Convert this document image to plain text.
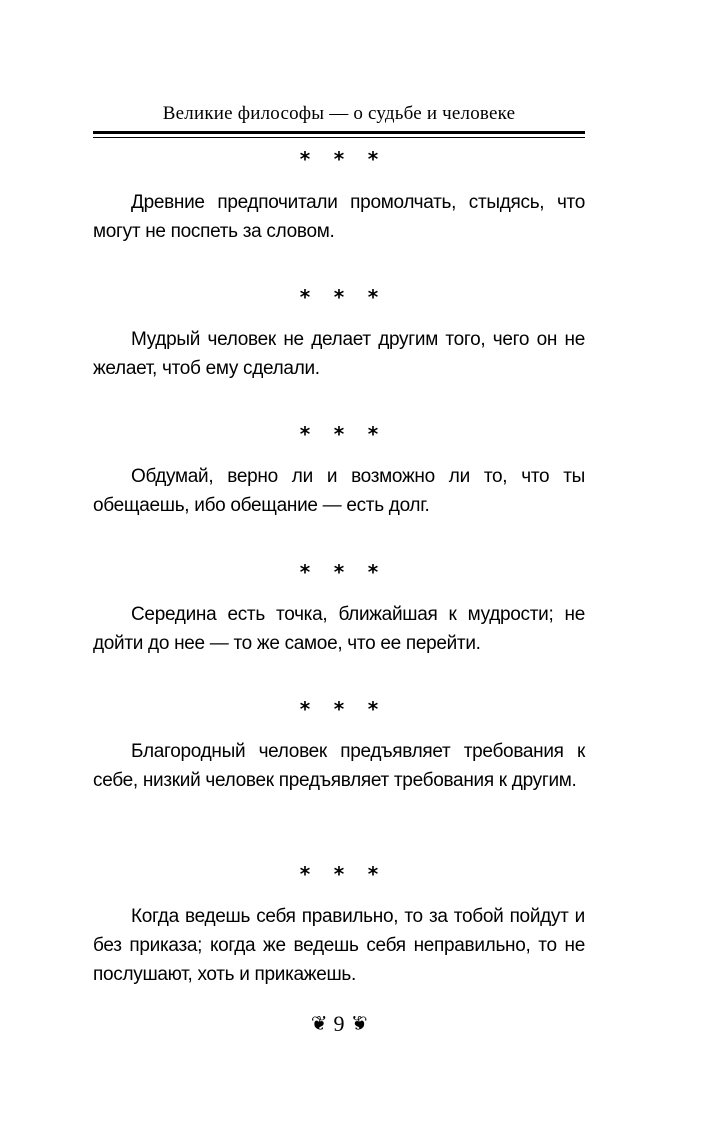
Великие философы — о судьбе и человеке
* * *

Древние предпочитали промолчать, стыдясь, что могут не поспеть за словом.

* * *

Мудрый человек не делает другим того, чего он не желает, чтоб ему сделали.

* * *

Обдумай, верно ли и возможно ли то, что ты обещаешь, ибо обещание — есть долг.

* * *

Середина есть точка, ближайшая к мудрости; не дойти до нее — то же самое, что ее перейти.

* * *

Благородный человек предъявляет требования к себе, низкий человек предъявляет требования к другим.

* * *

Когда ведешь себя правильно, то за тобой пойдут и без приказа; когда же ведешь себя неправильно, то не послушают, хоть и прикажешь.

❦ 9 ❦
